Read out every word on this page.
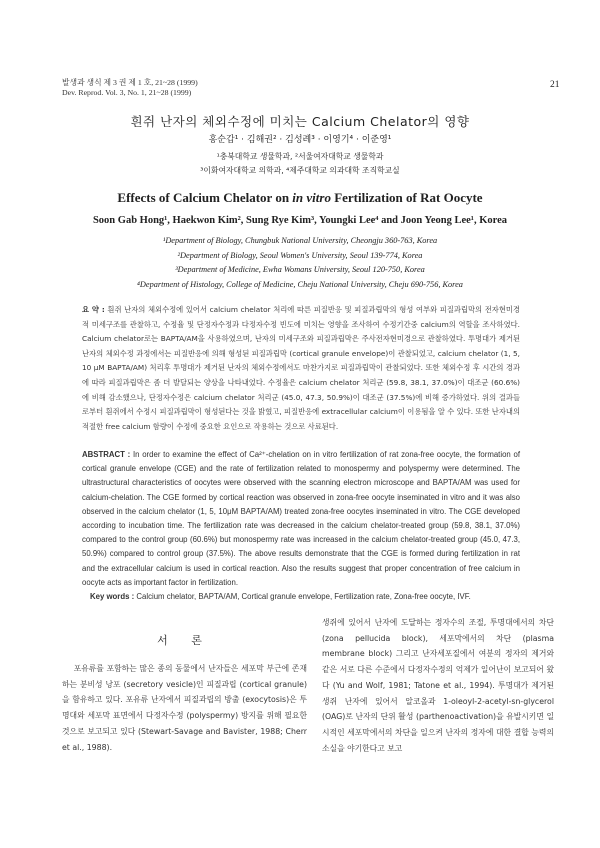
21
발생과 생식 제 3 권 제 1 호, 21~28 (1999)
Dev. Reprod. Vol. 3, No. 1, 21~28 (1999)
흰쥐 난자의 체외수정에 미치는 Calcium Chelator의 영향
홍순갑¹ · 김해권² · 김성례³ · 이영기⁴ · 이준영¹
¹충북대학교 생물학과, ²서울여자대학교 생물학과
³이화여자대학교 의학과, ⁴제주대학교 의과대학 조직학교실
Effects of Calcium Chelator on in vitro Fertilization of Rat Oocyte
Soon Gab Hong¹, Haekwon Kim², Sung Rye Kim³, Youngki Lee⁴ and Joon Yeong Lee¹, Korea
¹Department of Biology, Chungbuk National University, Cheongju 360-763, Korea
²Department of Biology, Seoul Women's University, Seoul 139-774, Korea
³Department of Medicine, Ewha Womans University, Seoul 120-750, Korea
⁴Department of Histology, College of Medicine, Cheju National University, Cheju 690-756, Korea
요 약 : 흰쥐 난자의 체외수정에 있어서 calcium chelator 처리에 따른 피질반응 및 피질과립막의 형성 여부와 피질과립막의 전자현미경적 미세구조를 관찰하고, 수정율 및 단정자수정과 다정자수정 빈도에 미치는 영향을 조사하여 수정기간중 calcium의 역할을 조사하였다. Calcium chelator로는 BAPTA/AM을 사용하였으며, 난자의 미세구조와 피질과립막은 주사전자현미경으로 관찰하였다. 투명대가 제거된 난자의 체외수정 과정에서는 피질반응에 의해 형성된 피질과립막 (cortical granule envelope)이 관찰되었고, calcium chelator (1, 5, 10 μM BAPTA/AM) 처리후 투명대가 제거된 난자의 체외수정에서도 마찬가지로 피질과립막이 관찰되었다. 또한 체외수정 후 시간의 경과에 따라 피질과립막은 좀 더 발달되는 양상을 나타내었다. 수정율은 calcium chelator 처리군 (59.8, 38.1, 37.0%)이 대조군 (60.6%)에 비해 감소했으나, 단정자수정은 calcium chelator 처리군 (45.0, 47.3, 50.9%)이 대조군 (37.5%)에 비해 증가하였다. 위의 결과들로부터 흰쥐에서 수정시 피질과립막이 형성된다는 것을 밝혔고, 피질반응에 extracellular calcium이 이용됨을 알 수 있다. 또한 난자내의 적절한 free calcium 함량이 수정에 중요한 요인으로 작용하는 것으로 사료된다.
ABSTRACT : In order to examine the effect of Ca²⁺-chelation on in vitro fertilization of rat zona-free oocyte, the formation of cortical granule envelope (CGE) and the rate of fertilization related to monospermy and polyspermy were determined. The ultrastructural characteristics of oocytes were observed with the scanning electron microscope and BAPTA/AM was used for calcium-chelation. The CGE formed by cortical reaction was observed in zona-free oocyte inseminated in vitro and it was also observed in the calcium chelator (1, 5, 10μM BAPTA/AM) treated zona-free oocytes inseminated in vitro. The CGE developed according to incubation time. The fertilization rate was decreased in the calcium chelator-treated group (59.8, 38.1, 37.0%) compared to the control group (60.6%) but monospermy rate was increased in the calcium chelator-treated group (45.0, 47.3, 50.9%) compared to control group (37.5%). The above results demonstrate that the CGE is formed during fertilization in rat and the extracellular calcium is used in cortical reaction. Also the results suggest that proper concentration of free calcium in oocyte acts as important factor in fertilization.
Key words : Calcium chelator, BAPTA/AM, Cortical granule envelope, Fertilization rate, Zona-free oocyte, IVF.
서 론
포유류를 포함하는 많은 종의 동물에서 난자들은 세포막 부근에 존재하는 분비성 낭포 (secretory vesicle)인 피질과립 (cortical granule)을 함유하고 있다. 포유류 난자에서 피질과립의 방출 (exocytosis)은 투명대와 세포막 표면에서 다정자수정 (polyspermy) 방지를 위해 필요한 것으로 보고되고 있다 (Stewart-Savage and Bavister, 1988; Cherr et al., 1988).
생쥐에 있어서 난자에 도달하는 정자수의 조절, 투명대에서의 차단 (zona pellucida block), 세포막에서의 차단 (plasma membrane block) 그리고 난자세포질에서 여분의 정자의 제거와 같은 서로 다른 수준에서 다정자수정의 억제가 일어난이 보고되어 왔다 (Yu and Wolf, 1981; Tatone et al., 1994). 투명대가 제거된 생쥐 난자에 있어서 알코올과 1-oleoyl-2-acetyl-sn-glycerol (OAG)로 난자의 단위 활성 (parthenoactivation)을 유발시키면 일시적인 세포막에서의 차단을 일으켜 난자의 정자에 대한 결합 능력의 소실을 야기한다고 보고
